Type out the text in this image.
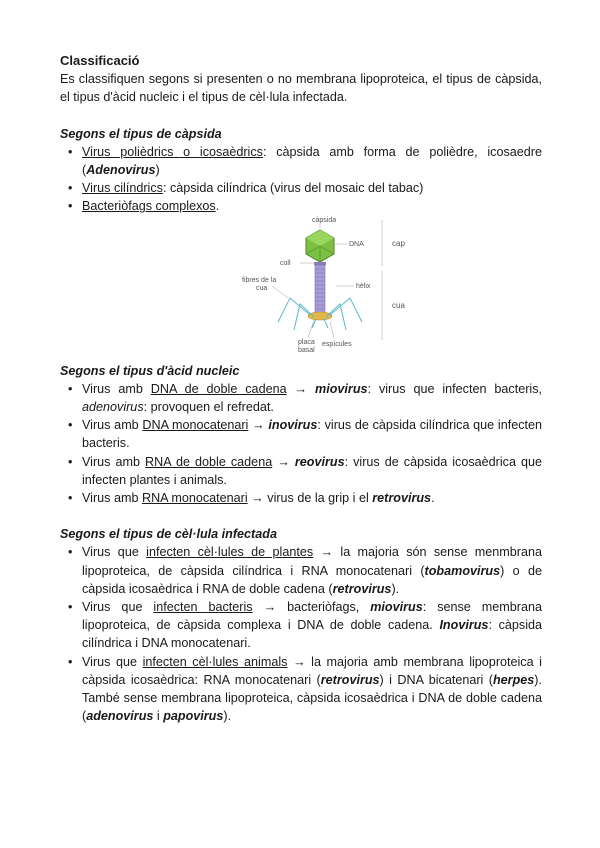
Classificació

Es classifiquen segons si presenten o no membrana lipoproteica, el tipus de càpsida, el tipus d'àcid nucleic i el tipus de cèl·lula infectada.

Segons el tipus de càpsida

• Virus polièdrics o icosaèdrics: càpsida amb forma de polièdre, icosaedre (Adenovirus)
• Virus cilíndrics: càpsida cilíndrica (virus del mosaic del tabac)
• Bacteriòfags complexos.
càpsida
DNA
coll
fibres de la
cua	hèlix
placa
basal
espícules
cap
cua

Segons el tipus d'àcid nucleic

• Virus amb DNA de doble cadena → miovirus: virus que infecten bacteris, adenovirus: provoquen el refredat.
• Virus amb DNA monocatenari → inovirus: virus de càpsida cilíndrica que infecten bacteris.
• Virus amb RNA de doble cadena → reovirus: virus de càpsida icosaèdrica que infecten plantes i animals.
• Virus amb RNA monocatenari → virus de la grip i el retrovirus.

Segons el tipus de cèl·lula infectada

• Virus que infecten cèl·lules de plantes → la majoria són sense menmbrana lipoproteica, de càpsida cilíndrica i RNA monocatenari (tobamovirus) o de càpsida icosaèdrica i RNA de doble cadena (retrovirus).
• Virus que infecten bacteris → bacteriòfags, miovirus: sense membrana lipoproteica, de càpsida complexa i DNA de doble cadena. Inovirus: càpsida cilíndrica i DNA monocatenari.
• Virus que infecten cèl·lules animals → la majoria amb membrana lipoproteica i càpsida icosaèdrica: RNA monocatenari (retrovirus) i DNA bicatenari (herpes). També sense membrana lipoproteica, càpsida icosaèdrica i DNA de doble cadena (adenovirus i papovirus).
